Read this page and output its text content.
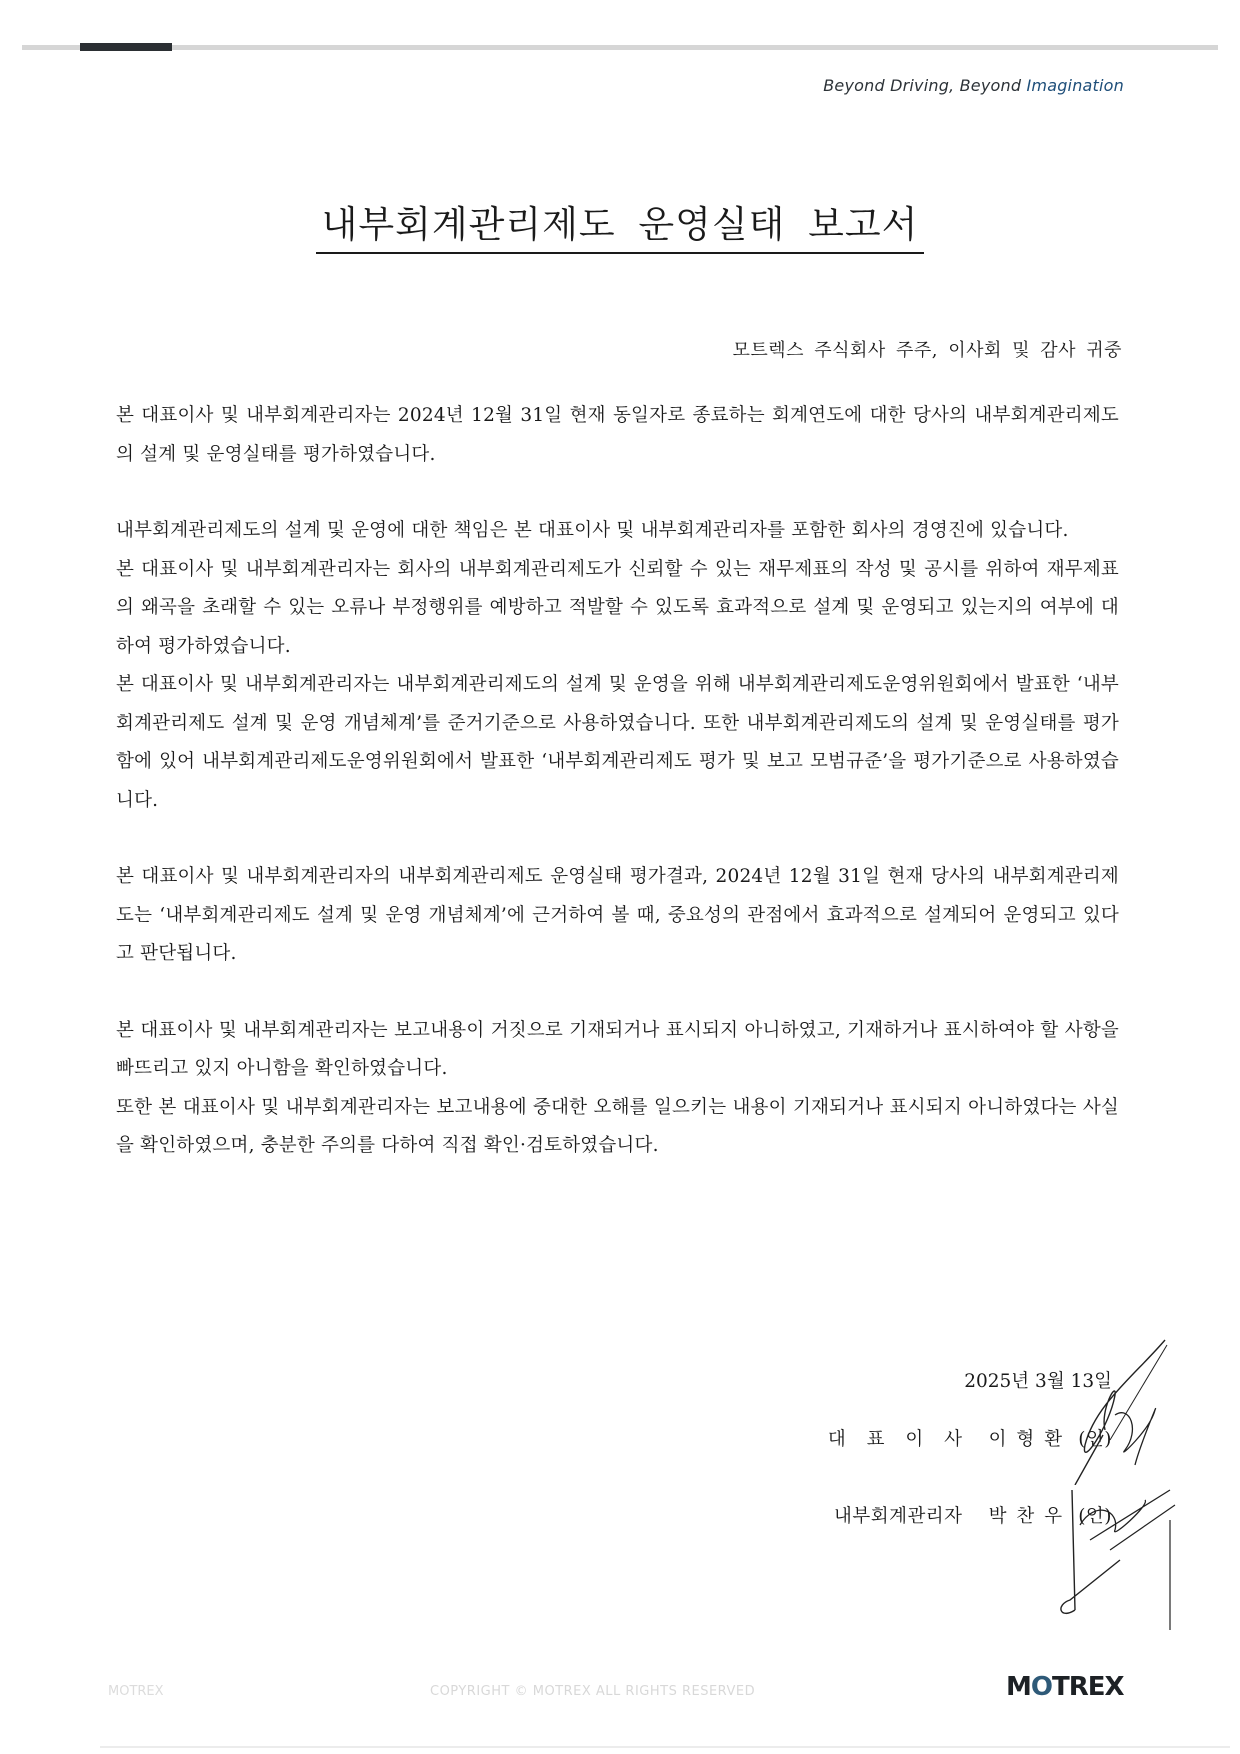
Beyond Driving, Beyond Imagination
내부회계관리제도 운영실태 보고서
모트렉스 주식회사 주주, 이사회 및 감사 귀중

본 대표이사 및 내부회계관리자는 2024년 12월 31일 현재 동일자로 종료하는 회계연도에 대한 당사의 내부회계관리제도의 설계 및 운영실태를 평가하였습니다.

내부회계관리제도의 설계 및 운영에 대한 책임은 본 대표이사 및 내부회계관리자를 포함한 회사의 경영진에 있습니다.

본 대표이사 및 내부회계관리자는 회사의 내부회계관리제도가 신뢰할 수 있는 재무제표의 작성 및 공시를 위하여 재무제표의 왜곡을 초래할 수 있는 오류나 부정행위를 예방하고 적발할 수 있도록 효과적으로 설계 및 운영되고 있는지의 여부에 대하여 평가하였습니다.

본 대표이사 및 내부회계관리자는 내부회계관리제도의 설계 및 운영을 위해 내부회계관리제도운영위원회에서 발표한 ‘내부회계관리제도 설계 및 운영 개념체계’를 준거기준으로 사용하였습니다. 또한 내부회계관리제도의 설계 및 운영실태를 평가함에 있어 내부회계관리제도운영위원회에서 발표한 ‘내부회계관리제도 평가 및 보고 모범규준’을 평가기준으로 사용하였습니다.

본 대표이사 및 내부회계관리자의 내부회계관리제도 운영실태 평가결과, 2024년 12월 31일 현재 당사의 내부회계관리제도는 ‘내부회계관리제도 설계 및 운영 개념체계’에 근거하여 볼 때, 중요성의 관점에서 효과적으로 설계되어 운영되고 있다고 판단됩니다.

본 대표이사 및 내부회계관리자는 보고내용이 거짓으로 기재되거나 표시되지 아니하였고, 기재하거나 표시하여야 할 사항을 빠뜨리고 있지 아니함을 확인하였습니다.

또한 본 대표이사 및 내부회계관리자는 보고내용에 중대한 오해를 일으키는 내용이 기재되거나 표시되지 아니하였다는 사실을 확인하였으며, 충분한 주의를 다하여 직접 확인·검토하였습니다.

2025년 3월 13일
대 표 이 사 이형환 (인)
내부회계관리자 박찬우 (인)
MOTREX	COPYRIGHT © MOTREX ALL RIGHTS RESERVED	MOTREX
